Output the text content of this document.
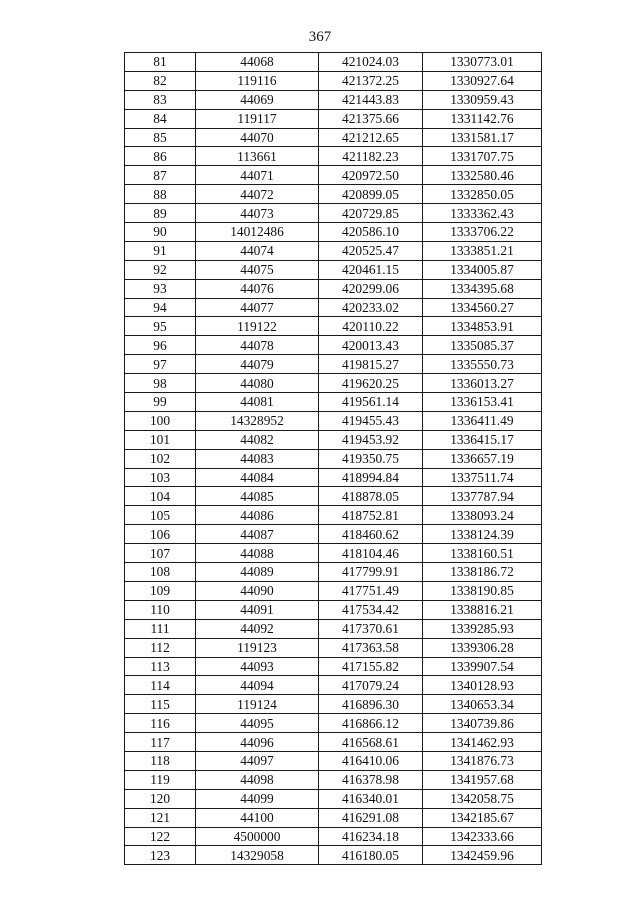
367
81	44068	421024.03	1330773.01
82	119116	421372.25	1330927.64
83	44069	421443.83	1330959.43
84	119117	421375.66	1331142.76
85	44070	421212.65	1331581.17
86	113661	421182.23	1331707.75
87	44071	420972.50	1332580.46
88	44072	420899.05	1332850.05
89	44073	420729.85	1333362.43
90	14012486	420586.10	1333706.22
91	44074	420525.47	1333851.21
92	44075	420461.15	1334005.87
93	44076	420299.06	1334395.68
94	44077	420233.02	1334560.27
95	119122	420110.22	1334853.91
96	44078	420013.43	1335085.37
97	44079	419815.27	1335550.73
98	44080	419620.25	1336013.27
99	44081	419561.14	1336153.41
100	14328952	419455.43	1336411.49
101	44082	419453.92	1336415.17
102	44083	419350.75	1336657.19
103	44084	418994.84	1337511.74
104	44085	418878.05	1337787.94
105	44086	418752.81	1338093.24
106	44087	418460.62	1338124.39
107	44088	418104.46	1338160.51
108	44089	417799.91	1338186.72
109	44090	417751.49	1338190.85
110	44091	417534.42	1338816.21
111	44092	417370.61	1339285.93
112	119123	417363.58	1339306.28
113	44093	417155.82	1339907.54
114	44094	417079.24	1340128.93
115	119124	416896.30	1340653.34
116	44095	416866.12	1340739.86
117	44096	416568.61	1341462.93
118	44097	416410.06	1341876.73
119	44098	416378.98	1341957.68
120	44099	416340.01	1342058.75
121	44100	416291.08	1342185.67
122	4500000	416234.18	1342333.66
123	14329058	416180.05	1342459.96
